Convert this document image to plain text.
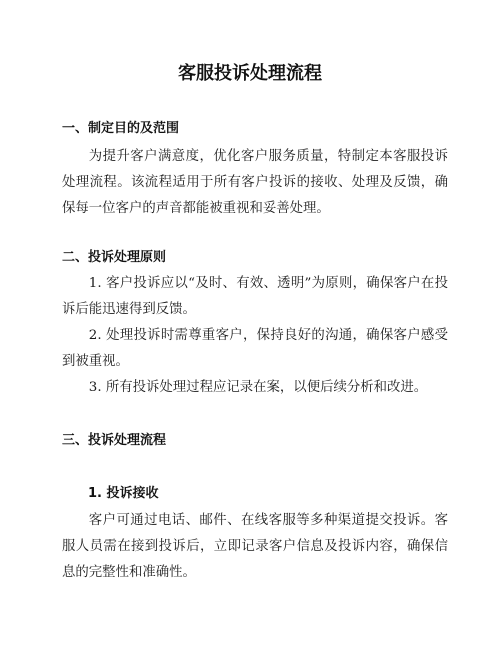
客服投诉处理流程
一、制定目的及范围

为提升客户满意度，优化客户服务质量，特制定本客服投诉处理流程。该流程适用于所有客户投诉的接收、处理及反馈，确保每一位客户的声音都能被重视和妥善处理。

二、投诉处理原则

1. 客户投诉应以“及时、有效、透明”为原则，确保客户在投诉后能迅速得到反馈。

2. 处理投诉时需尊重客户，保持良好的沟通，确保客户感受到被重视。

3. 所有投诉处理过程应记录在案，以便后续分析和改进。

三、投诉处理流程
1. 投诉接收

客户可通过电话、邮件、在线客服等多种渠道提交投诉。客服人员需在接到投诉后，立即记录客户信息及投诉内容，确保信息的完整性和准确性。
